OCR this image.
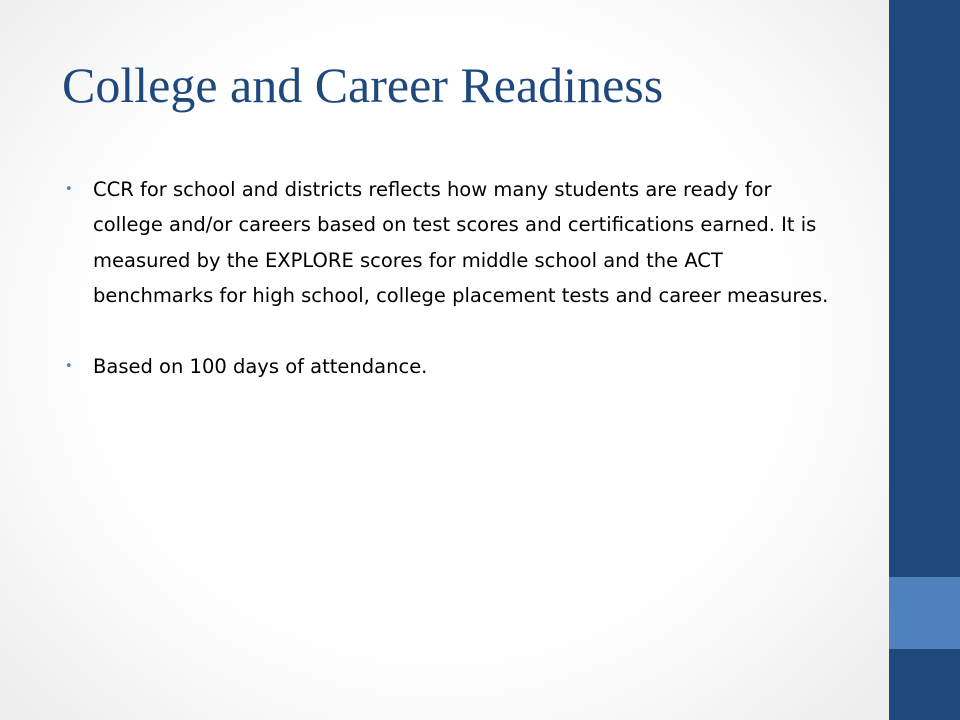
College and Career Readiness
• CCR for school and districts reflects how many students are ready for college and/or careers based on test scores and certifications earned. It is measured by the EXPLORE scores for middle school and the ACT benchmarks for high school, college placement tests and career measures.
• Based on 100 days of attendance.
